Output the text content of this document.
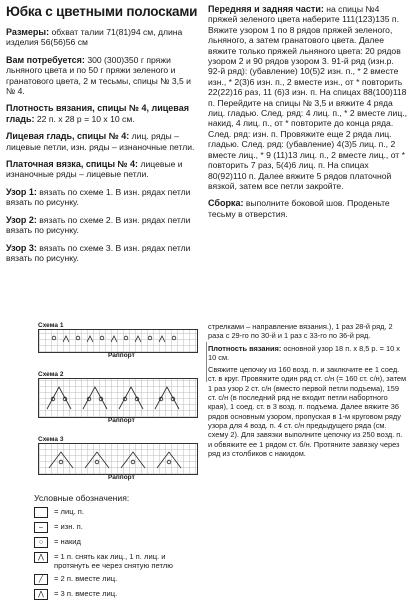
Юбка с цветными полосками

Размеры: обхват талии 71(81)94 см, длина изделия 56(56)56 см

Вам потребуется: 300 (300)350 г пряжи льняного цвета и по 50 г пряжи зеленого и гранатового цвета, 2 м тесьмы, спицы № 3,5 и № 4.

Плотность вязания, спицы № 4, лицевая гладь: 22 п. х 28 р = 10 х 10 см.

Лицевая гладь, спицы № 4: лиц. ряды – лицевые петли, изн. ряды – изнаночные петли.

Платочная вязка, спицы № 4: лицевые и изнаночные ряды – лицевые петли.

Узор 1: вязать по схеме 1. В изн. рядах петли вязать по рисунку.

Узор 2: вязать по схеме 2. В изн. рядах петли вязать по рисунку.

Узор 3: вязать по схеме 3. В изн. рядах петли вязать по рисунку.

Передняя и задняя части: на спицы №4 пряжей зеленого цвета наберите 111(123)135 п. Вяжите узором 1 по 8 рядов пряжей зеленого, льняного, а затем гранатового цвета. Далее вяжите только пряжей льняного цвета: 20 рядов узором 2 и 90 рядов узором 3. 91-й ряд (изн.р. 92-й ряд): (убавление) 10(5)2 изн. п., * 2 вместе изн., * 2(3)6 изн. п., 2 вместе изн., от * повторить 22(22)16 раз, 11 (6)3 изн. п. На спицах 88(100)118 п. Перейдите на спицы № 3,5 и вяжите 4 ряда лиц. гладью. След. ряд: 4 лиц. п., * 2 вместе лиц., накид, 4 лиц. п., от * повторите до конца ряда. След. ряд: изн. п. Провяжите еще 2 ряда лиц. гладью. След. ряд: (убавление) 4(3)5 лиц. п., 2 вместе лиц., * 9 (11)13 лиц. п., 2 вместе лиц., от * повторить 7 раз, 5(4)6 лиц. п. На спицах 80(92)110 п. Далее вяжите 5 рядов платочной вязкой, затем все петли закройте.

Сборка: выполните боковой шов. Проденьте тесьму в отверстия.

Схема 1
Раппорт
Схема 2
Раппорт
Схема 3
Раппорт
Условные обозначения:
= лиц. п.
–	= изн. п.
○	= накид
⋀	= 1 п. снять как лиц., 1 п. лиц. и протянуть ее через снятую петлю
╱	= 2 п. вместе лиц.
⋀	= 3 п. вместе лиц.

стрелками – направление вязания.), 1 раз 28-й ряд, 2 раза с 29-го по 30-й и 1 раз с 33-го по 36-й ряд.

Плотность вязания: основной узор 18 п. х 8,5 р. = 10 х 10 см.

Свяжите цепочку из 160 возд. п. и заключите ее 1 соед. ст. в круг. Провяжите один ряд ст. с/н (= 160 ст. с/н), затем 1 раз узор 2 ст. с/н (вместо первой петли подъема), 159 ст. с/н (в последний ряд не входит петли набортного края), 1 соед. ст. в 3 возд. п. подъема. Далее вяжите 36 рядов основным узором, пропуская в 1-м круговом ряду узора для 4 возд. п. 4 ст. с/н предыдущего ряда (см. схему 2). Для завязки выполните цепочку из 250 возд. п. и обвяжите ее 1 рядом ст. б/н. Протяните завязку через ряд из столбиков с накидом.
